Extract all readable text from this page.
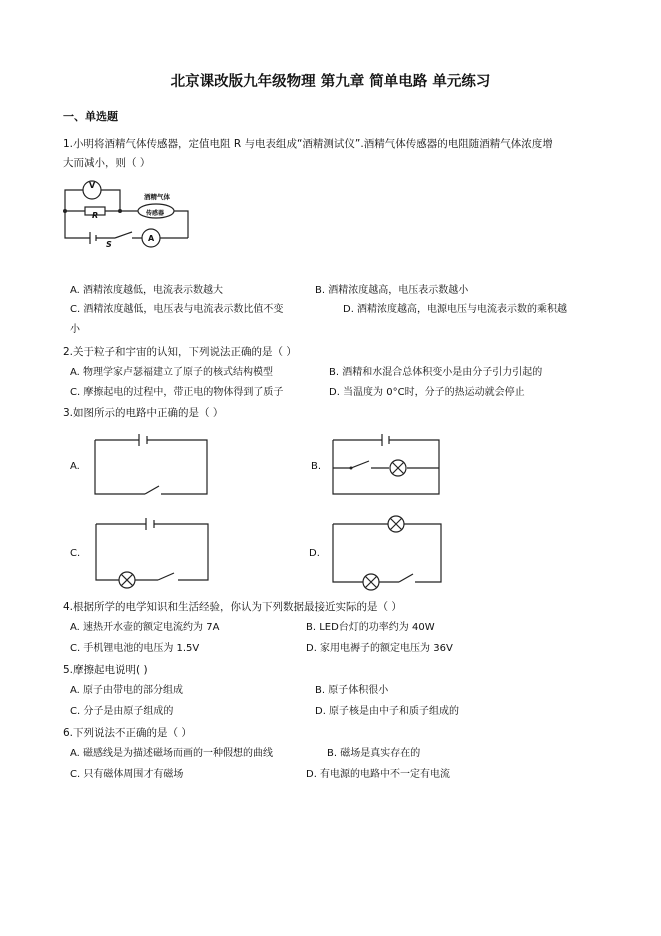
北京课改版九年级物理 第九章 简单电路 单元练习
一、单选题
1.小明将酒精气体传感器，定值电阻 R 与电表组成“酒精测试仪”.酒精气体传感器的电阻随酒精气体浓度增
大而减小，则（ ）
V
R
S
A
酒精气体
传感器
A. 酒精浓度越低，电流表示数越大	B. 酒精浓度越高，电压表示数越小
C. 酒精浓度越低，电压表与电流表示数比值不变	D. 酒精浓度越高，电源电压与电流表示数的乘积越
小
2.关于粒子和宇宙的认知，下列说法正确的是（ ）
A. 物理学家卢瑟福建立了原子的核式结构模型	B. 酒精和水混合总体积变小是由分子引力引起的
C. 摩擦起电的过程中，带正电的物体得到了质子	D. 当温度为 0°C时，分子的热运动就会停止
3.如图所示的电路中正确的是（ ）
A.	B.
C.	D.
4.根据所学的电学知识和生活经验，你认为下列数据最接近实际的是（ ）
A. 速热开水壶的额定电流约为 7A	B. LED台灯的功率约为 40W
C. 手机锂电池的电压为 1.5V	D. 家用电褥子的额定电压为 36V
5.摩擦起电说明( )
A. 原子由带电的部分组成	B. 原子体积很小
C. 分子是由原子组成的	D. 原子核是由中子和质子组成的
6.下列说法不正确的是（ ）
A. 磁感线是为描述磁场而画的一种假想的曲线	B. 磁场是真实存在的
C. 只有磁体周围才有磁场	D. 有电源的电路中不一定有电流
